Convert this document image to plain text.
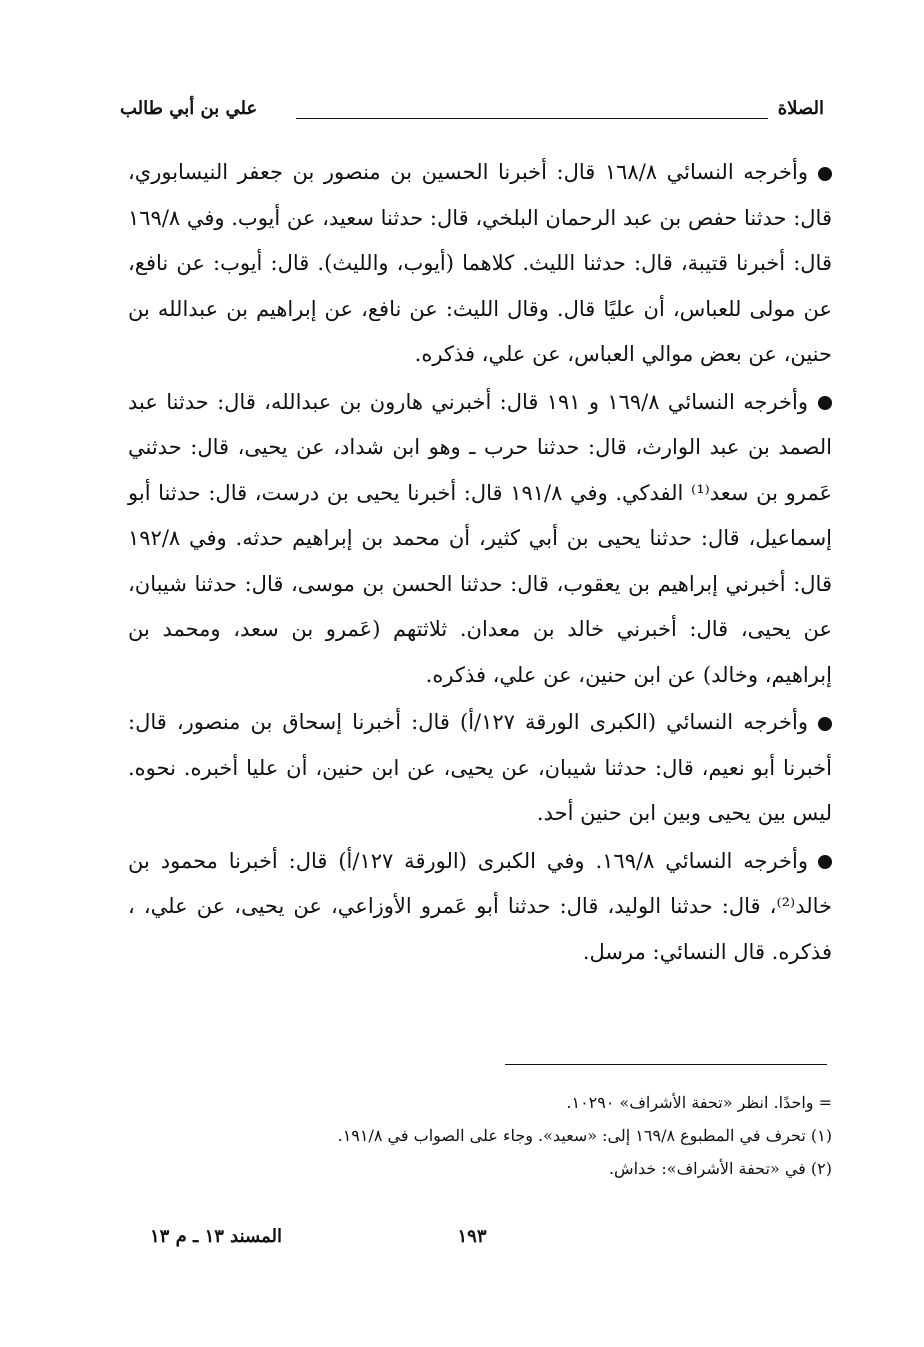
الصلاة
علي بن أبي طالب

وأخرجه النسائي ١٦٨/٨ قال: أخبرنا الحسين بن منصور بن جعفر النيسابوري، قال: حدثنا حفص بن عبد الرحمان البلخي، قال: حدثنا سعيد، عن أيوب. وفي ١٦٩/٨ قال: أخبرنا قتيبة، قال: حدثنا الليث. كلاهما (أيوب، والليث). قال: أيوب: عن نافع، عن مولى للعباس، أن عليًا قال. وقال الليث: عن نافع، عن إبراهيم بن عبدالله بن حنين، عن بعض موالي العباس، عن علي، فذكره.

وأخرجه النسائي ١٦٩/٨ و ١٩١ قال: أخبرني هارون بن عبدالله، قال: حدثنا عبد الصمد بن عبد الوارث، قال: حدثنا حرب ـ وهو ابن شداد، عن يحيى، قال: حدثني عَمرو بن سعد⁽¹⁾ الفدكي. وفي ١٩١/٨ قال: أخبرنا يحيى بن درست، قال: حدثنا أبو إسماعيل، قال: حدثنا يحيى بن أبي كثير، أن محمد بن إبراهيم حدثه. وفي ١٩٢/٨ قال: أخبرني إبراهيم بن يعقوب، قال: حدثنا الحسن بن موسى، قال: حدثنا شيبان، عن يحيى، قال: أخبرني خالد بن معدان. ثلاثتهم (عَمرو بن سعد، ومحمد بن إبراهيم، وخالد) عن ابن حنين، عن علي، فذكره.

وأخرجه النسائي (الكبرى الورقة ١٢٧/أ) قال: أخبرنا إسحاق بن منصور، قال: أخبرنا أبو نعيم، قال: حدثنا شيبان، عن يحيى، عن ابن حنين، أن عليا أخبره. نحوه. ليس بين يحيى وبين ابن حنين أحد.

وأخرجه النسائي ١٦٩/٨. وفي الكبرى (الورقة ١٢٧/أ) قال: أخبرنا محمود بن خالد⁽²⁾، قال: حدثنا الوليد، قال: حدثنا أبو عَمرو الأوزاعي، عن يحيى، عن علي، ، فذكره. قال النسائي: مرسل.

= واحدًا. انظر «تحفة الأشراف» ١٠٢٩٠.

(١) تحرف في المطبوع ١٦٩/٨ إلى: «سعيد». وجاء على الصواب في ١٩١/٨.

(٢) في «تحفة الأشراف»: خداش.

١٩٣
المسند ١٣ ـ م ١٣
